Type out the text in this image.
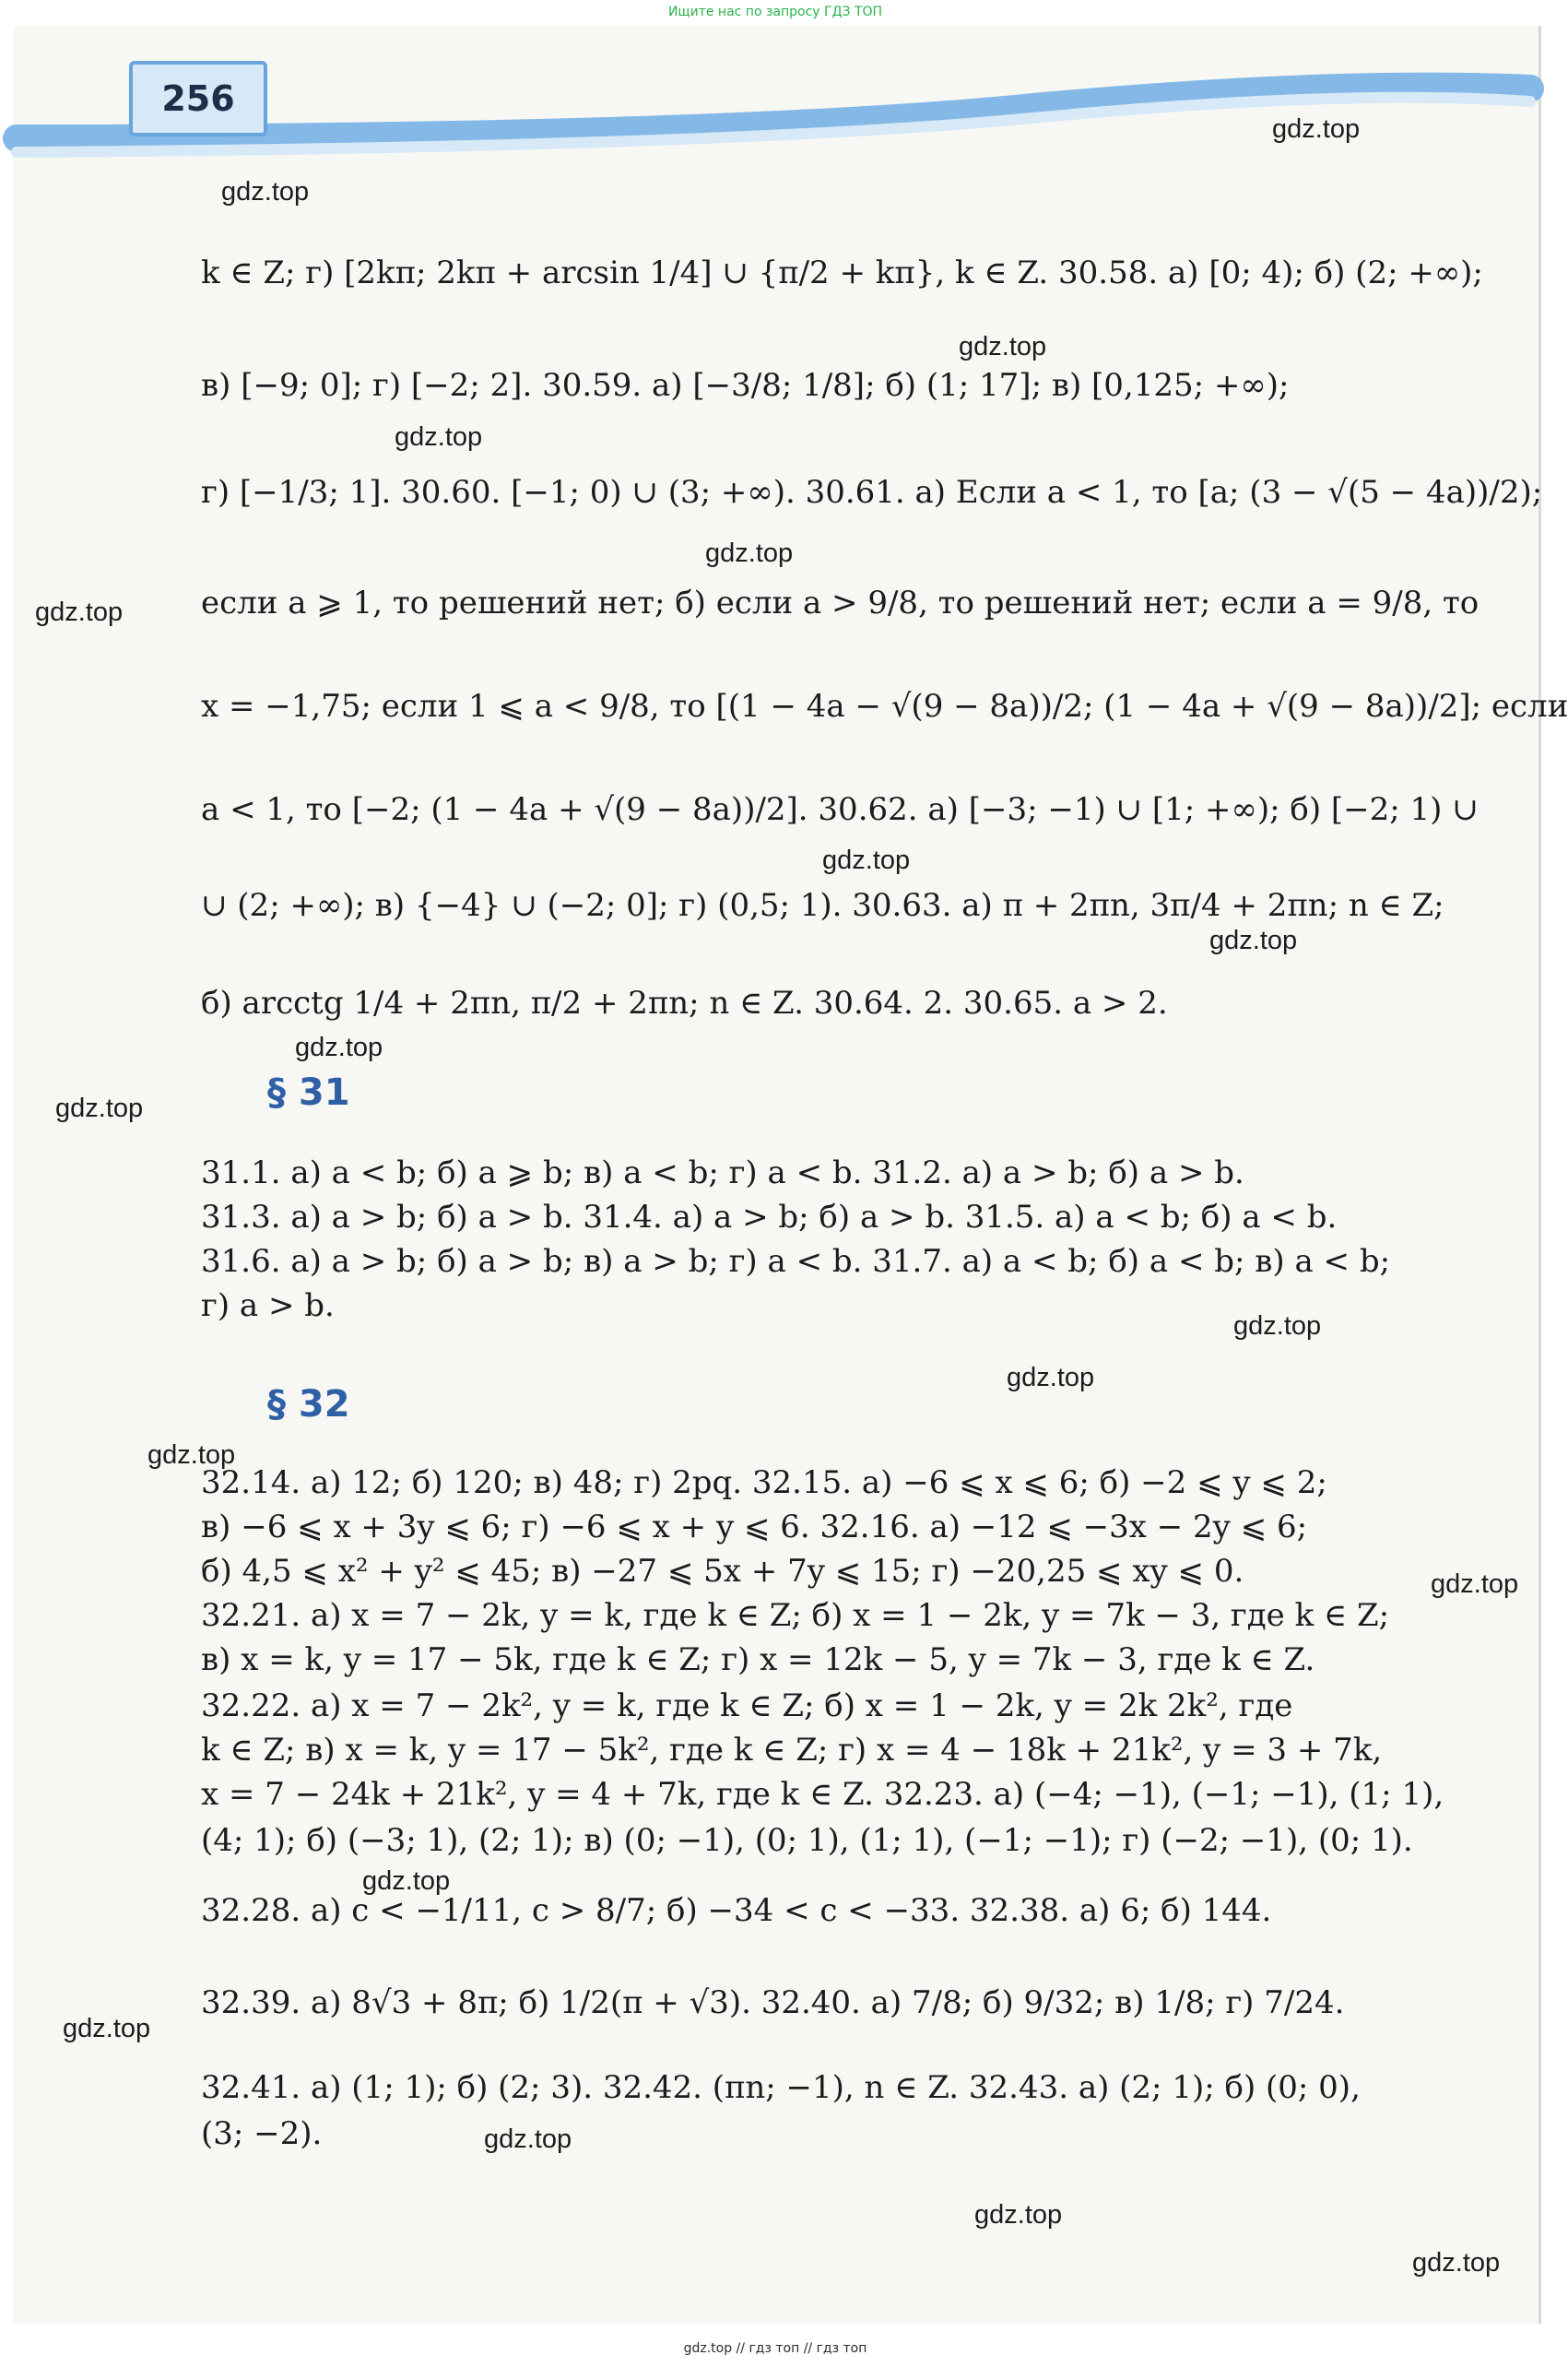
Ищите нас по запросу ГДЗ ТОП
256
gdz.top
gdz.top
gdz.top
gdz.top
gdz.top
gdz.top
gdz.top
gdz.top
gdz.top
gdz.top
gdz.top
gdz.top
gdz.top
gdz.top
gdz.top
gdz.top
gdz.top
gdz.top
gdz.top
k ∈ Z; г) [2kπ; 2kπ + arcsin 1/4] ∪ {π/2 + kπ}, k ∈ Z. 30.58. а) [0; 4); б) (2; +∞);
в) [−9; 0]; г) [−2; 2]. 30.59. а) [−3/8; 1/8]; б) (1; 17]; в) [0,125; +∞);
г) [−1/3; 1]. 30.60. [−1; 0) ∪ (3; +∞). 30.61. а) Если a < 1, то [a; (3 − √(5 − 4a))/2);
если a ⩾ 1, то решений нет; б) если a > 9/8, то решений нет; если a = 9/8, то
x = −1,75; если 1 ⩽ a < 9/8, то [(1 − 4a − √(9 − 8a))/2; (1 − 4a + √(9 − 8a))/2]; если
a < 1, то [−2; (1 − 4a + √(9 − 8a))/2]. 30.62. а) [−3; −1) ∪ [1; +∞); б) [−2; 1) ∪
∪ (2; +∞); в) {−4} ∪ (−2; 0]; г) (0,5; 1). 30.63. а) π + 2πn, 3π/4 + 2πn; n ∈ Z;
б) arcctg 1/4 + 2πn, π/2 + 2πn; n ∈ Z. 30.64. 2. 30.65. a > 2.
§ 31
31.1. а) a < b; б) a ⩾ b; в) a < b; г) a < b. 31.2. а) a > b; б) a > b.
31.3. а) a > b; б) a > b. 31.4. а) a > b; б) a > b. 31.5. а) a < b; б) a < b.
31.6. а) a > b; б) a > b; в) a > b; г) a < b. 31.7. а) a < b; б) a < b; в) a < b;
г) a > b.
§ 32
32.14. а) 12; б) 120; в) 48; г) 2pq. 32.15. а) −6 ⩽ x ⩽ 6; б) −2 ⩽ y ⩽ 2;
в) −6 ⩽ x + 3y ⩽ 6; г) −6 ⩽ x + y ⩽ 6. 32.16. а) −12 ⩽ −3x − 2y ⩽ 6;
б) 4,5 ⩽ x² + y² ⩽ 45; в) −27 ⩽ 5x + 7y ⩽ 15; г) −20,25 ⩽ xy ⩽ 0.
32.21. а) x = 7 − 2k, y = k, где k ∈ Z; б) x = 1 − 2k, y = 7k − 3, где k ∈ Z;
в) x = k, y = 17 − 5k, где k ∈ Z; г) x = 12k − 5, y = 7k − 3, где k ∈ Z.
32.22. а) x = 7 − 2k², y = k, где k ∈ Z; б) x = 1 − 2k, y = 2k 2k², где
k ∈ Z; в) x = k, y = 17 − 5k², где k ∈ Z; г) x = 4 − 18k + 21k², y = 3 + 7k,
x = 7 − 24k + 21k², y = 4 + 7k, где k ∈ Z. 32.23. а) (−4; −1), (−1; −1), (1; 1),
(4; 1); б) (−3; 1), (2; 1); в) (0; −1), (0; 1), (1; 1), (−1; −1); г) (−2; −1), (0; 1).
32.28. а) c < −1/11, c > 8/7; б) −34 < c < −33. 32.38. а) 6; б) 144.
32.39. а) 8√3 + 8π; б) 1/2(π + √3). 32.40. а) 7/8; б) 9/32; в) 1/8; г) 7/24.
32.41. а) (1; 1); б) (2; 3). 32.42. (πn; −1), n ∈ Z. 32.43. а) (2; 1); б) (0; 0),
(3; −2).
gdz.top // гдз топ // гдз топ
